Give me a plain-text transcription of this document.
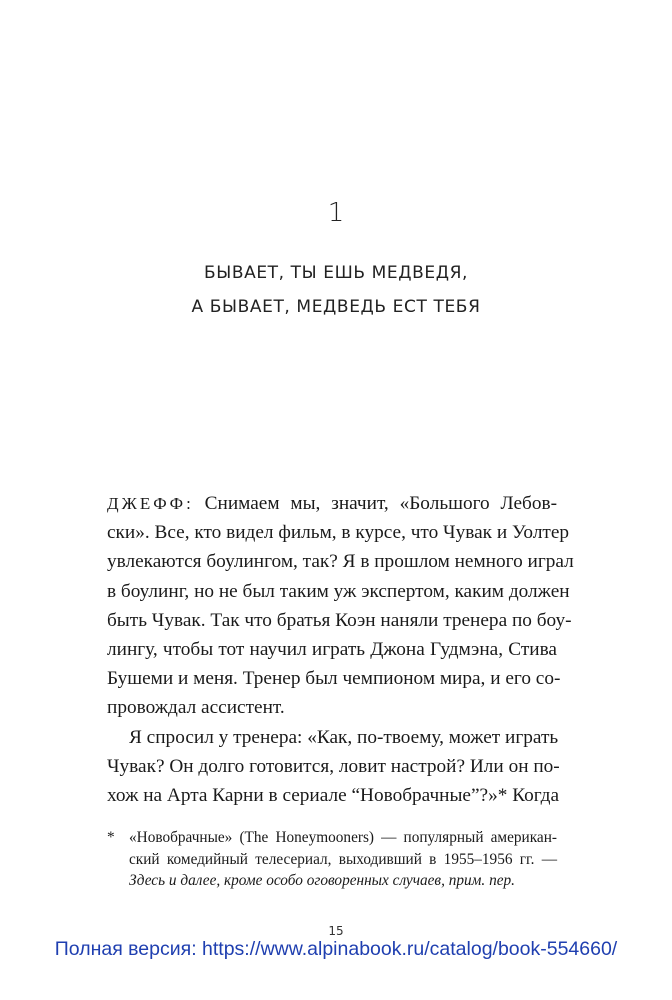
1
БЫВАЕТ, ТЫ ЕШЬ МЕДВЕДЯ,
А БЫВАЕТ, МЕДВЕДЬ ЕСТ ТЕБЯ
ДЖЕФФ: Снимаем мы, значит, «Большого Лебов-
ски». Все, кто видел фильм, в курсе, что Чувак и Уолтер
увлекаются боулингом, так? Я в прошлом немного играл
в боулинг, но не был таким уж экспертом, каким должен
быть Чувак. Так что братья Коэн наняли тренера по боу-
лингу, чтобы тот научил играть Джона Гудмэна, Стива
Бушеми и меня. Тренер был чемпионом мира, и его со-
провождал ассистент.
Я спросил у тренера: «Как, по-твоему, может играть
Чувак? Он долго готовится, ловит настрой? Или он по-
хож на Арта Карни в сериале “Новобрачные”?»* Когда
* «Новобрачные» (The Honeymooners) — популярный американ-
ский комедийный телесериал, выходивший в 1955–1956 гг. —
Здесь и далее, кроме особо оговоренных случаев, прим. пер.
15
Полная версия: https://www.alpinabook.ru/catalog/book-554660/
